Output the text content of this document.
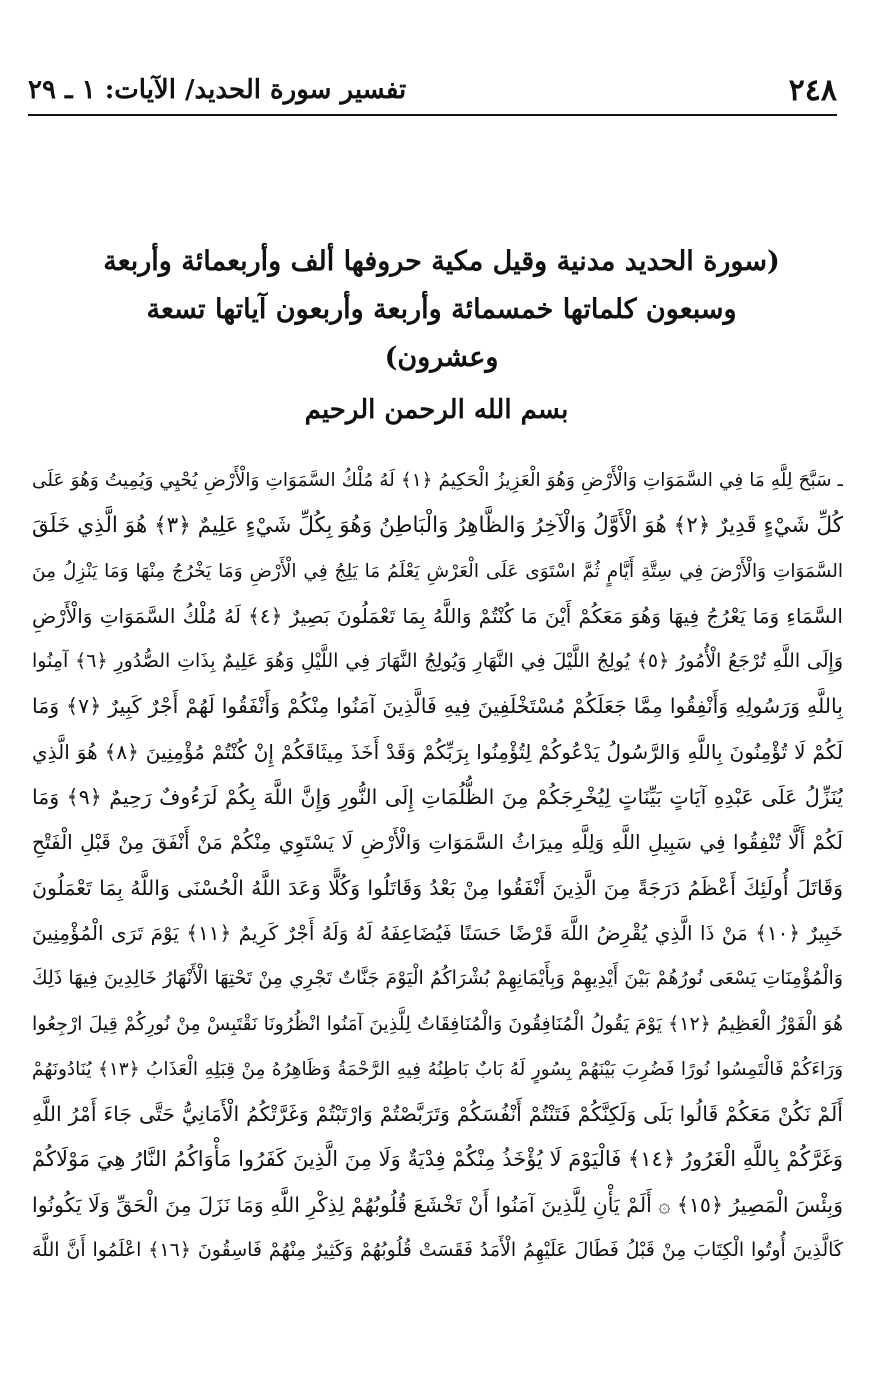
٢٤٨
تفسير سورة الحديد/ الآيات: ١ ـ ٢٩
(سورة الحديد مدنية وقيل مكية حروفها ألف وأربعمائة وأربعة
وسبعون كلماتها خمسمائة وأربعة وأربعون آياتها تسعة وعشرون)
بسم الله الرحمن الرحيم
ـ سَبَّحَ لِلَّهِ مَا فِي السَّمَوَاتِ وَالْأَرْضِ وَهُوَ الْعَزِيزُ الْحَكِيمُ ﴿١﴾ لَهُ مُلْكُ السَّمَوَاتِ وَالْأَرْضِ يُحْيِي وَيُمِيتُ وَهُوَ عَلَى
كُلِّ شَيْءٍ قَدِيرٌ ﴿٢﴾ هُوَ الْأَوَّلُ وَالْآخِرُ وَالظَّاهِرُ وَالْبَاطِنُ وَهُوَ بِكُلِّ شَيْءٍ عَلِيمٌ ﴿٣﴾ هُوَ الَّذِي خَلَقَ
السَّمَوَاتِ وَالْأَرْضَ فِي سِتَّةِ أَيَّامٍ ثُمَّ اسْتَوَى عَلَى الْعَرْشِ يَعْلَمُ مَا يَلِجُ فِي الْأَرْضِ وَمَا يَخْرُجُ مِنْهَا وَمَا يَنْزِلُ مِنَ
السَّمَاءِ وَمَا يَعْرُجُ فِيهَا وَهُوَ مَعَكُمْ أَيْنَ مَا كُنْتُمْ وَاللَّهُ بِمَا تَعْمَلُونَ بَصِيرٌ ﴿٤﴾ لَهُ مُلْكُ السَّمَوَاتِ وَالْأَرْضِ
وَإِلَى اللَّهِ تُرْجَعُ الْأُمُورُ ﴿٥﴾ يُولِجُ اللَّيْلَ فِي النَّهَارِ وَيُولِجُ النَّهَارَ فِي اللَّيْلِ وَهُوَ عَلِيمٌ بِذَاتِ الصُّدُورِ ﴿٦﴾ آمِنُوا
بِاللَّهِ وَرَسُولِهِ وَأَنْفِقُوا مِمَّا جَعَلَكُمْ مُسْتَخْلَفِينَ فِيهِ فَالَّذِينَ آمَنُوا مِنْكُمْ وَأَنْفَقُوا لَهُمْ أَجْرٌ كَبِيرٌ ﴿٧﴾ وَمَا
لَكُمْ لَا تُؤْمِنُونَ بِاللَّهِ وَالرَّسُولُ يَدْعُوكُمْ لِتُؤْمِنُوا بِرَبِّكُمْ وَقَدْ أَخَذَ مِيثَاقَكُمْ إِنْ كُنْتُمْ مُؤْمِنِينَ ﴿٨﴾ هُوَ الَّذِي
يُنَزِّلُ عَلَى عَبْدِهِ آيَاتٍ بَيِّنَاتٍ لِيُخْرِجَكُمْ مِنَ الظُّلُمَاتِ إِلَى النُّورِ وَإِنَّ اللَّهَ بِكُمْ لَرَءُوفٌ رَحِيمٌ ﴿٩﴾ وَمَا
لَكُمْ أَلَّا تُنْفِقُوا فِي سَبِيلِ اللَّهِ وَلِلَّهِ مِيرَاثُ السَّمَوَاتِ وَالْأَرْضِ لَا يَسْتَوِي مِنْكُمْ مَنْ أَنْفَقَ مِنْ قَبْلِ الْفَتْحِ
وَقَاتَلَ أُولَئِكَ أَعْظَمُ دَرَجَةً مِنَ الَّذِينَ أَنْفَقُوا مِنْ بَعْدُ وَقَاتَلُوا وَكُلًّا وَعَدَ اللَّهُ الْحُسْنَى وَاللَّهُ بِمَا تَعْمَلُونَ
خَبِيرٌ ﴿١٠﴾ مَنْ ذَا الَّذِي يُقْرِضُ اللَّهَ قَرْضًا حَسَنًا فَيُضَاعِفَهُ لَهُ وَلَهُ أَجْرٌ كَرِيمٌ ﴿١١﴾ يَوْمَ تَرَى الْمُؤْمِنِينَ
وَالْمُؤْمِنَاتِ يَسْعَى نُورُهُمْ بَيْنَ أَيْدِيهِمْ وَبِأَيْمَانِهِمْ بُشْرَاكُمُ الْيَوْمَ جَنَّاتٌ تَجْرِي مِنْ تَحْتِهَا الْأَنْهَارُ خَالِدِينَ فِيهَا ذَلِكَ
هُوَ الْفَوْزُ الْعَظِيمُ ﴿١٢﴾ يَوْمَ يَقُولُ الْمُنَافِقُونَ وَالْمُنَافِقَاتُ لِلَّذِينَ آمَنُوا انْظُرُونَا نَقْتَبِسْ مِنْ نُورِكُمْ قِيلَ ارْجِعُوا
وَرَاءَكُمْ فَالْتَمِسُوا نُورًا فَضُرِبَ بَيْنَهُمْ بِسُورٍ لَهُ بَابٌ بَاطِنُهُ فِيهِ الرَّحْمَةُ وَظَاهِرُهُ مِنْ قِبَلِهِ الْعَذَابُ ﴿١٣﴾ يُنَادُونَهُمْ
أَلَمْ نَكُنْ مَعَكُمْ قَالُوا بَلَى وَلَكِنَّكُمْ فَتَنْتُمْ أَنْفُسَكُمْ وَتَرَبَّصْتُمْ وَارْتَبْتُمْ وَغَرَّتْكُمُ الْأَمَانِيُّ حَتَّى جَاءَ أَمْرُ اللَّهِ
وَغَرَّكُمْ بِاللَّهِ الْغَرُورُ ﴿١٤﴾ فَالْيَوْمَ لَا يُؤْخَذُ مِنْكُمْ فِدْيَةٌ وَلَا مِنَ الَّذِينَ كَفَرُوا مَأْوَاكُمُ النَّارُ هِيَ مَوْلَاكُمْ
وَبِئْسَ الْمَصِيرُ ﴿١٥﴾ ۞ أَلَمْ يَأْنِ لِلَّذِينَ آمَنُوا أَنْ تَخْشَعَ قُلُوبُهُمْ لِذِكْرِ اللَّهِ وَمَا نَزَلَ مِنَ الْحَقِّ وَلَا يَكُونُوا
كَالَّذِينَ أُوتُوا الْكِتَابَ مِنْ قَبْلُ فَطَالَ عَلَيْهِمُ الْأَمَدُ فَقَسَتْ قُلُوبُهُمْ وَكَثِيرٌ مِنْهُمْ فَاسِقُونَ ﴿١٦﴾ اعْلَمُوا أَنَّ اللَّهَ
